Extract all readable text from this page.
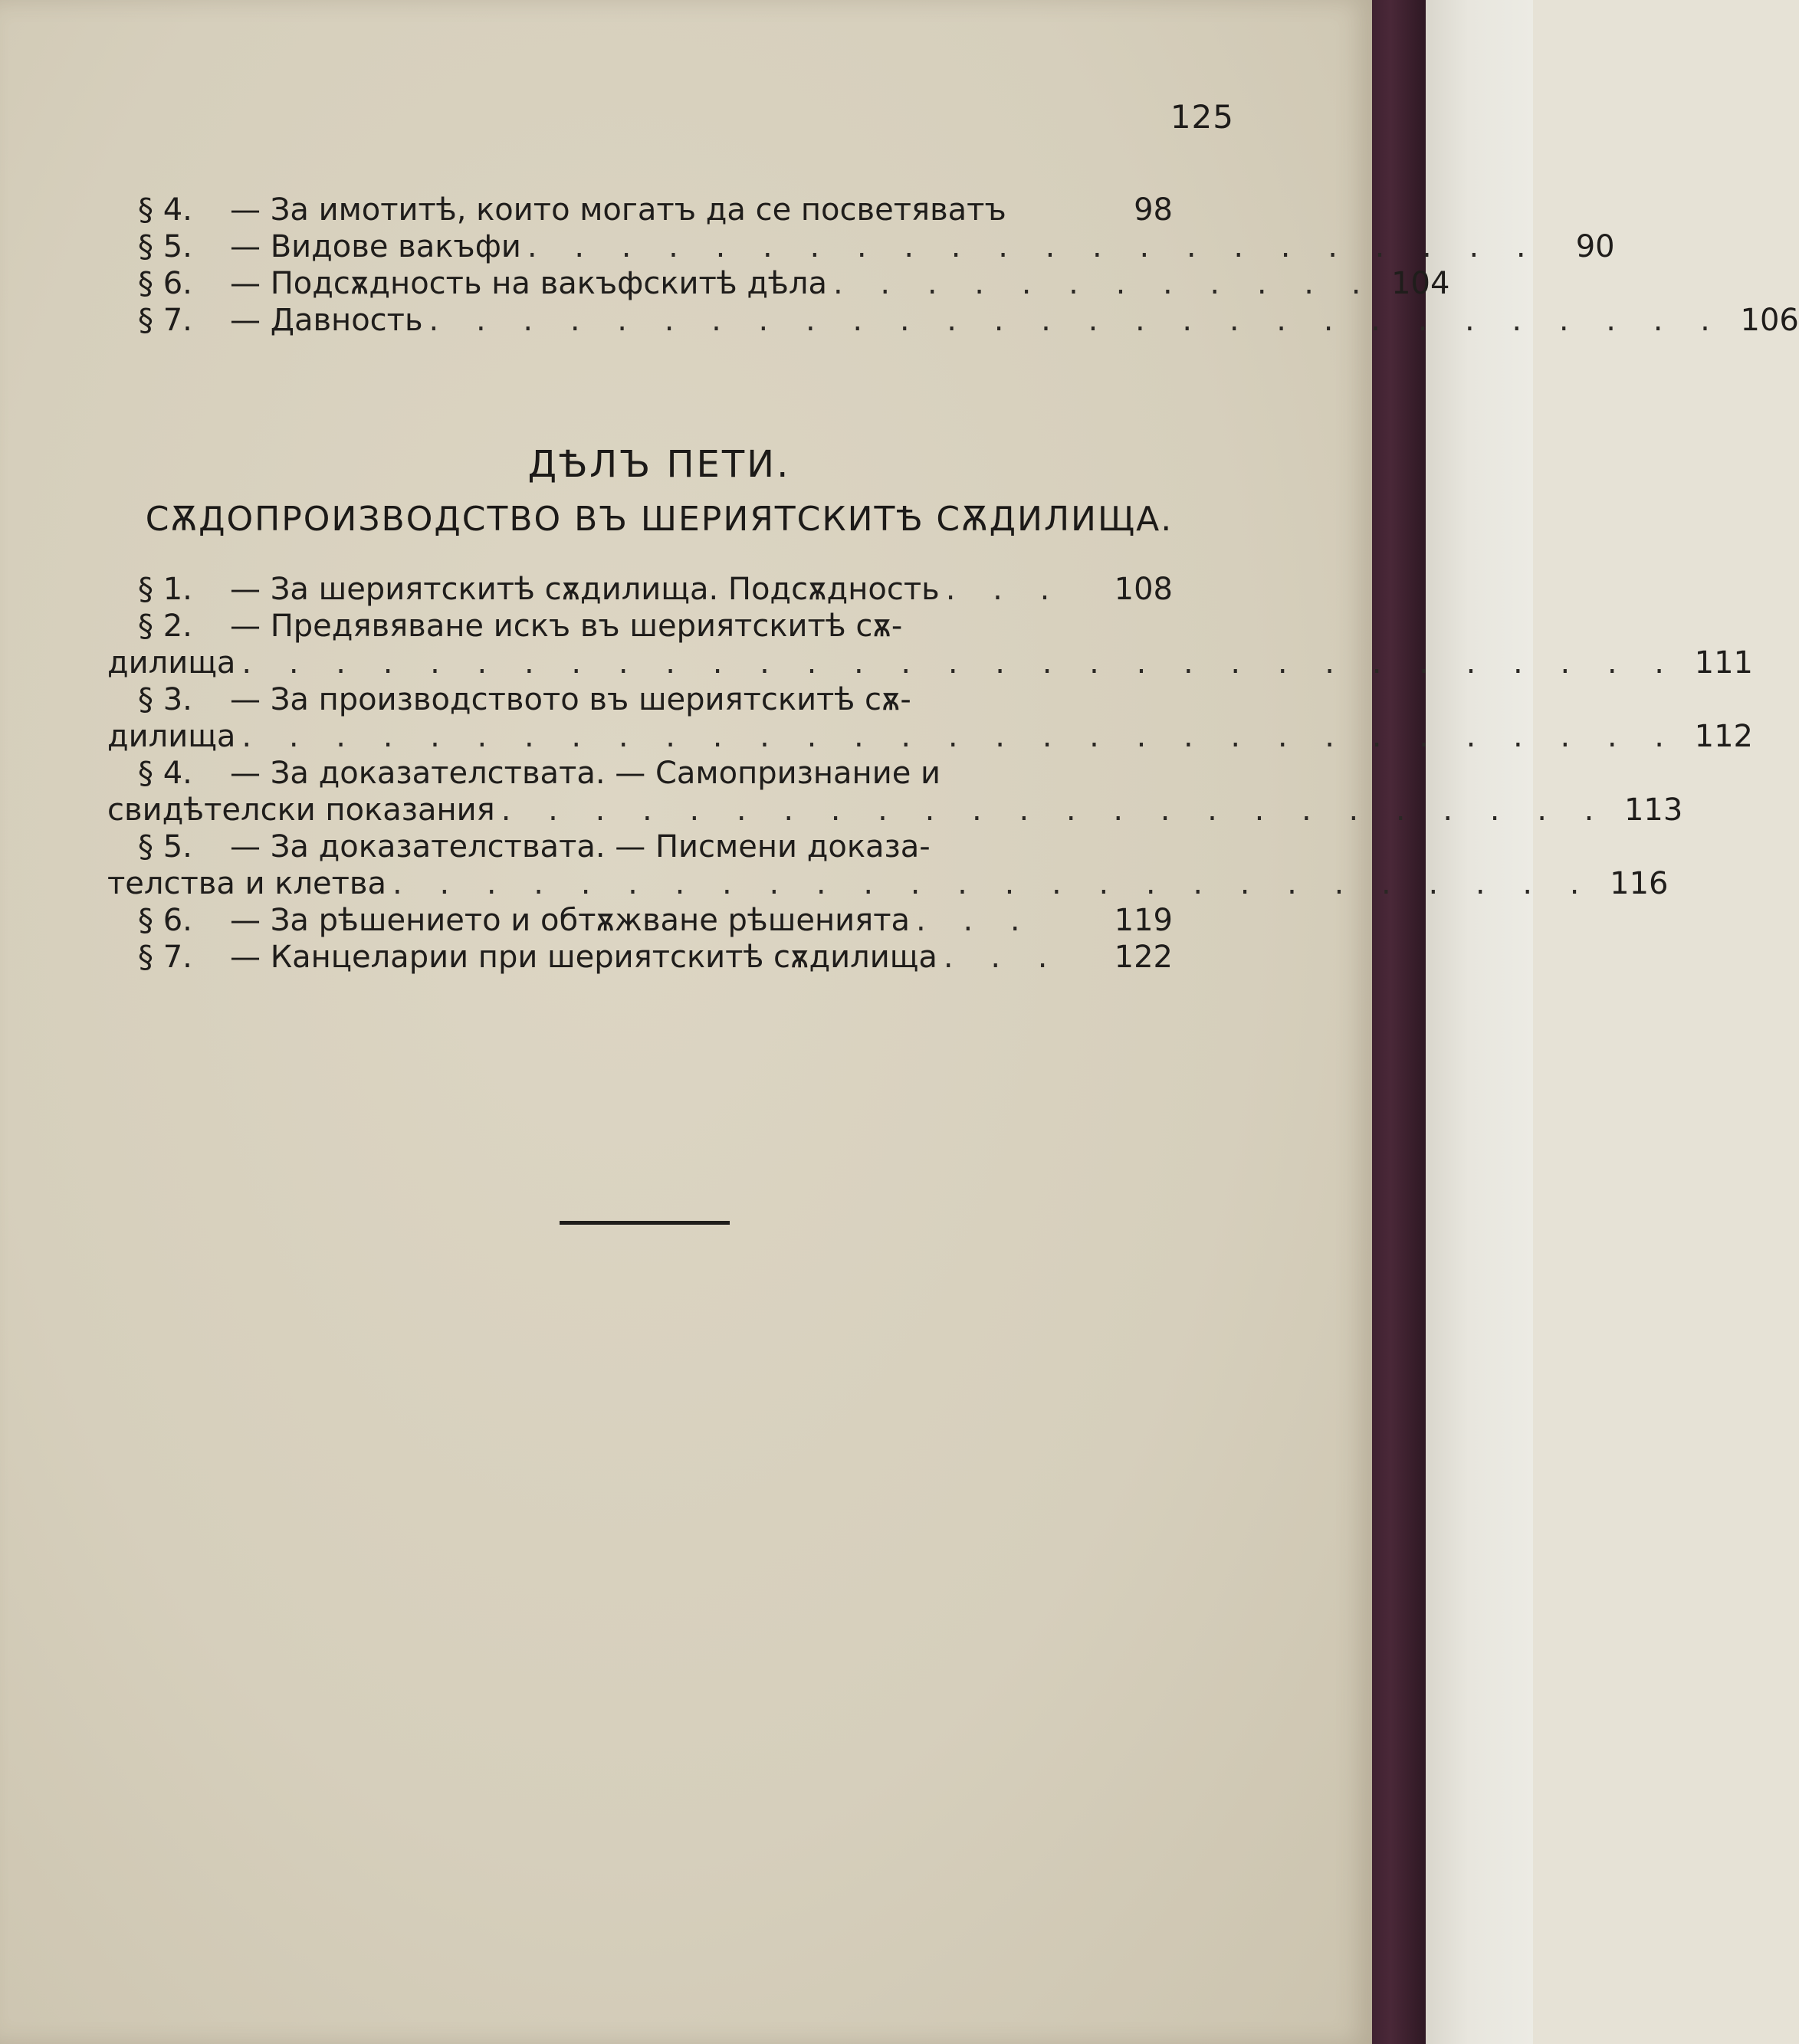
125
§ 4.	— За имотитѣ, които могатъ да се посветяватъ	98
§ 5.	— Видове вакъфи . . . . . . . . . . . . . . . . . . . . . .	90
§ 6.	— Подсѫдность на вакъфскитѣ дѣла . . . . . . . . . . . . 104
§ 7.	— Давность . . . . . . . . . . . . . . . . . . . . . . . . . . . . 106
ДѢЛЪ ПЕТИ.
СѪДОПРОИЗВОДСТВО ВЪ ШЕРИЯТСКИТѢ СѪДИЛИЩА.
§ 1.	— За шериятскитѣ сѫдилища. Подсѫдность . . .	108
§ 2.	— Предявяване искъ въ шериятскитѣ сѫ-
дилища . . . . . . . . . . . . . . . . . . . . . . . . . . . . . . . 111
§ 3.	— За производството въ шериятскитѣ сѫ-
дилища . . . . . . . . . . . . . . . . . . . . . . . . . . . . . . . 112
§ 4.	— За доказателствата. — Самопризнание и
свидѣтелски показания . . . . . . . . . . . . . . . . . . . . . . . . 113
§ 5.	— За доказателствата. — Писмени доказа-
телства и клетва . . . . . . . . . . . . . . . . . . . . . . . . . . 116
§ 6.	— За рѣшението и обтѫжване рѣшенията . . .	119
§ 7.	— Канцеларии при шериятскитѣ сѫдилища . . .	122
